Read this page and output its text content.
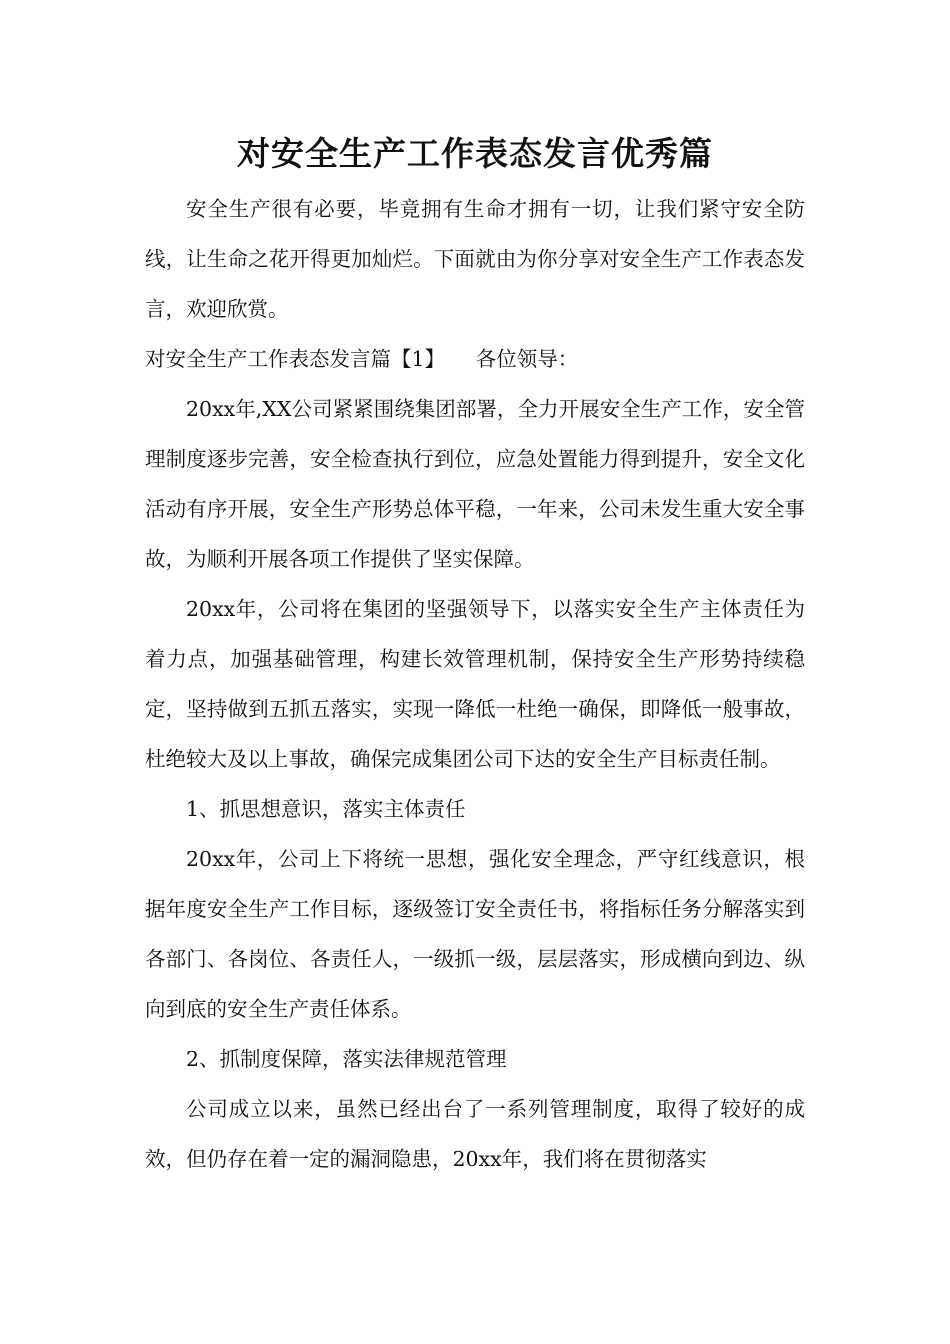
对安全生产工作表态发言优秀篇

安全生产很有必要，毕竟拥有生命才拥有一切，让我们紧守安全防线，让生命之花开得更加灿烂。下面就由为你分享对安全生产工作表态发言，欢迎欣赏。

对安全生产工作表态发言篇【1】　　各位领导：

20xx年,XX公司紧紧围绕集团部署，全力开展安全生产工作，安全管理制度逐步完善，安全检查执行到位，应急处置能力得到提升，安全文化活动有序开展，安全生产形势总体平稳，一年来，公司未发生重大安全事故，为顺利开展各项工作提供了坚实保障。

20xx年，公司将在集团的坚强领导下，以落实安全生产主体责任为着力点，加强基础管理，构建长效管理机制，保持安全生产形势持续稳定，坚持做到五抓五落实，实现一降低一杜绝一确保，即降低一般事故，杜绝较大及以上事故，确保完成集团公司下达的安全生产目标责任制。

1、抓思想意识，落实主体责任

20xx年，公司上下将统一思想，强化安全理念，严守红线意识，根据年度安全生产工作目标，逐级签订安全责任书，将指标任务分解落实到各部门、各岗位、各责任人，一级抓一级，层层落实，形成横向到边、纵向到底的安全生产责任体系。

2、抓制度保障，落实法律规范管理

公司成立以来，虽然已经出台了一系列管理制度，取得了较好的成效，但仍存在着一定的漏洞隐患，20xx年，我们将在贯彻落实
